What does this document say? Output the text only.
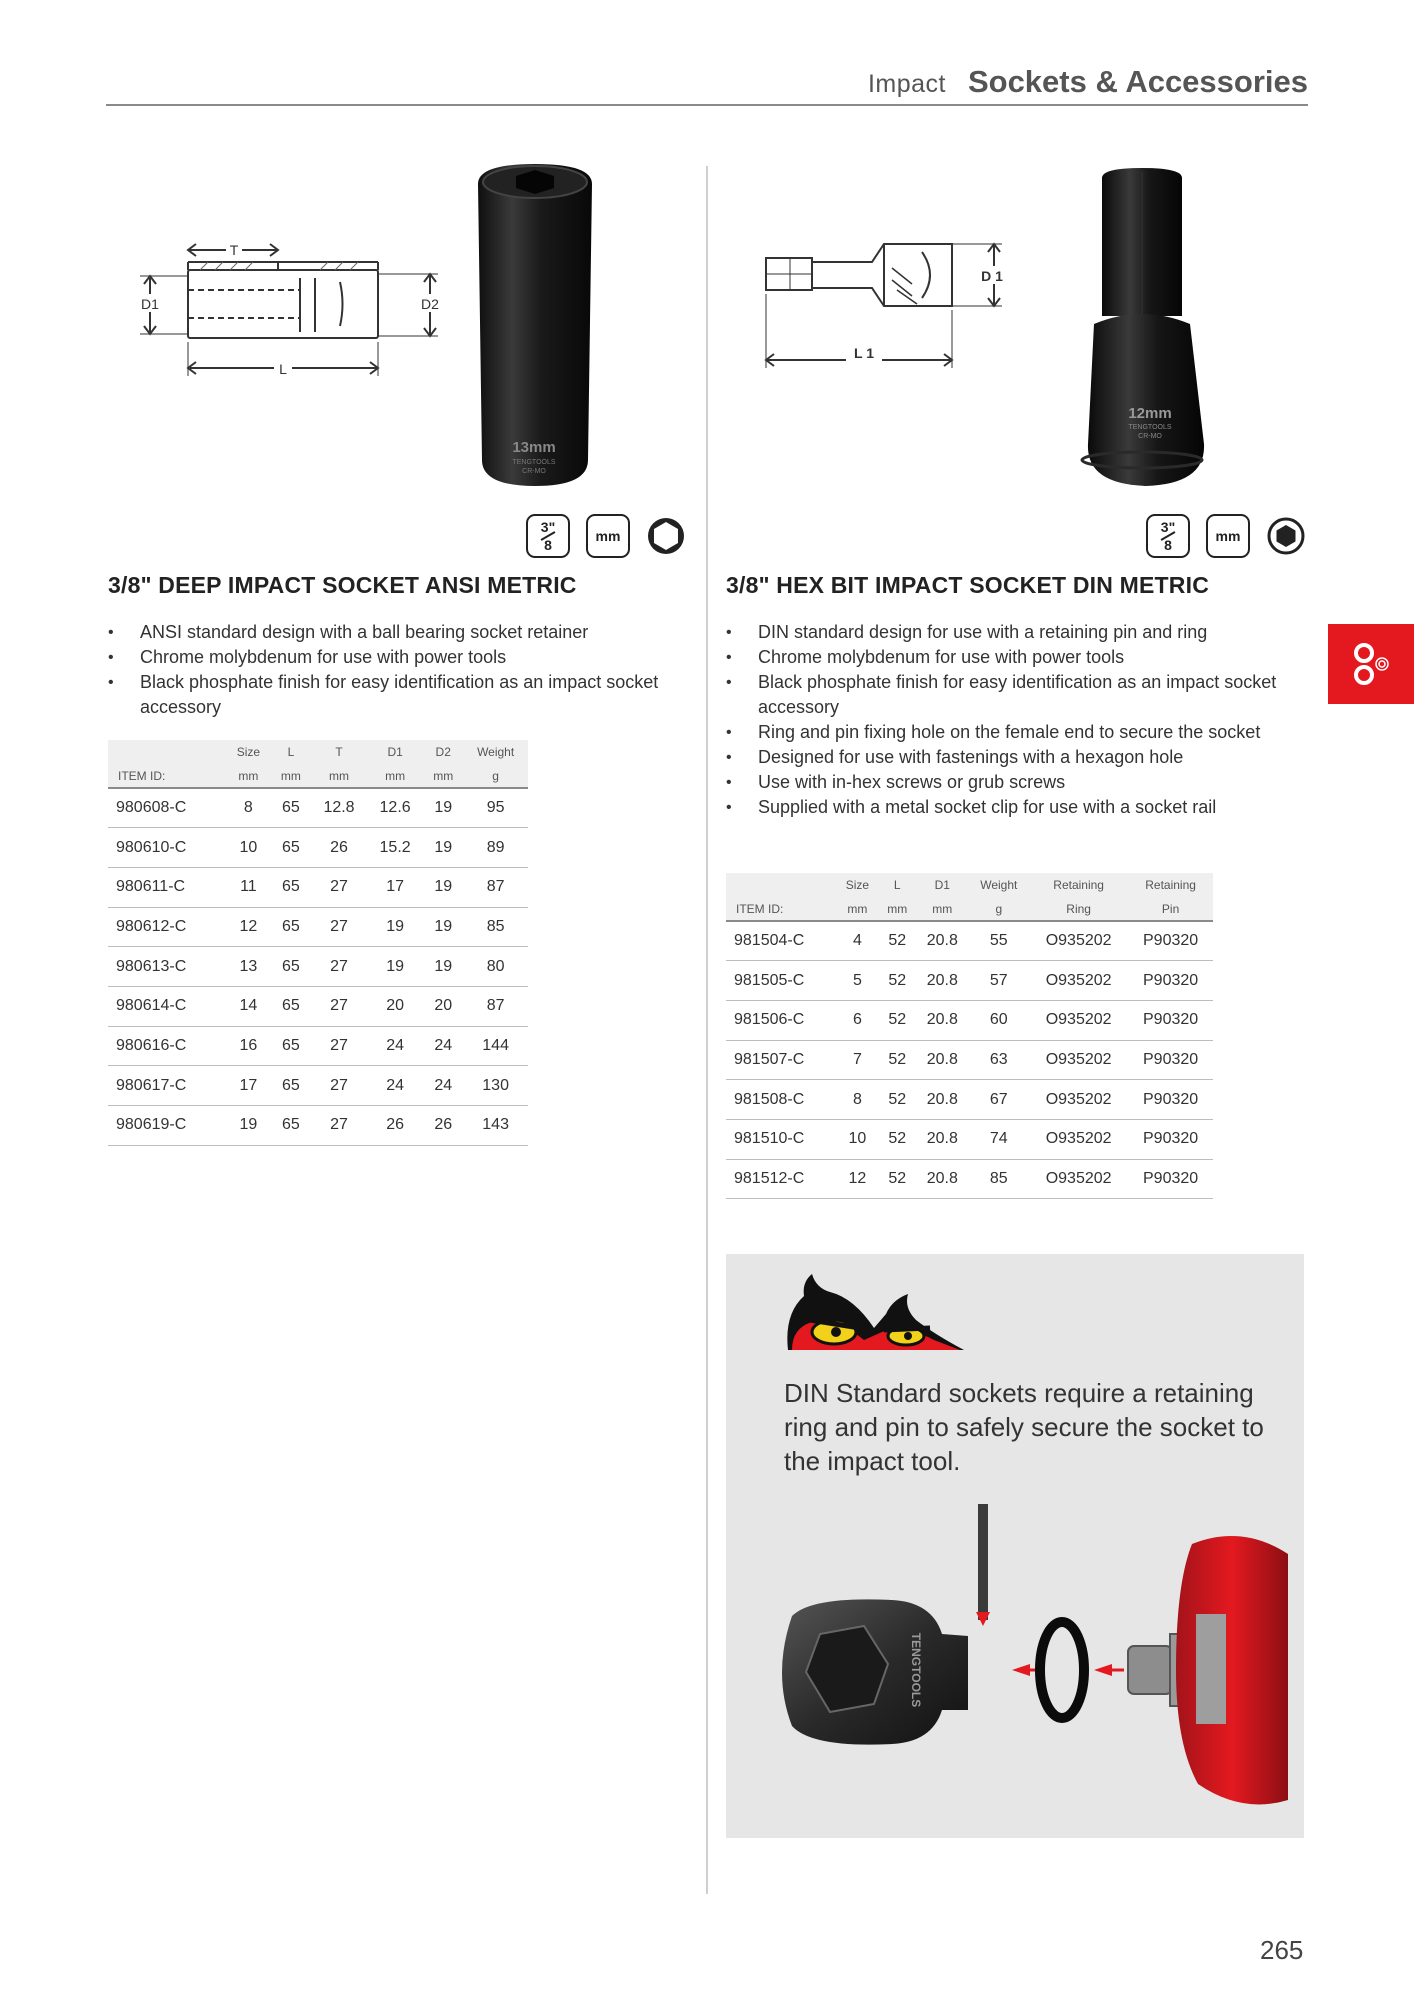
Impact Sockets & Accessories
T
D1	D2
L
13mm
TENGTOOLS
CR-MO
3"
8
mm
3/8" DEEP IMPACT SOCKET ANSI METRIC
• ANSI standard design with a ball bearing socket retainer
• Chrome molybdenum for use with power tools
• Black phosphate finish for easy identification as an impact socket accessory
	Size	L	T	D1	D2	Weight
ITEM ID:	mm	mm	mm	mm	mm	g
980608-C	8	65	12.8	12.6	19	95
980610-C	10	65	26	15.2	19	89
980611-C	11	65	27	17	19	87
980612-C	12	65	27	19	19	85
980613-C	13	65	27	19	19	80
980614-C	14	65	27	20	20	87
980616-C	16	65	27	24	24	144
980617-C	17	65	27	24	24	130
980619-C	19	65	27	26	26	143
D 1
L 1
12mm
TENGTOOLS
CR-MO
3"
8
mm
3/8" HEX BIT IMPACT SOCKET DIN METRIC
• DIN standard design for use with a retaining pin and ring
• Chrome molybdenum for use with power tools
• Black phosphate finish for easy identification as an impact socket accessory
• Ring and pin fixing hole on the female end to secure the socket
• Designed for use with fastenings with a hexagon hole
• Use with in-hex screws or grub screws
• Supplied with a metal socket clip for use with a socket rail
	Size	L	D1	Weight	Retaining	Retaining
ITEM ID:	mm	mm	mm	g	Ring	Pin
981504-C	4	52	20.8	55	O935202	P90320
981505-C	5	52	20.8	57	O935202	P90320
981506-C	6	52	20.8	60	O935202	P90320
981507-C	7	52	20.8	63	O935202	P90320
981508-C	8	52	20.8	67	O935202	P90320
981510-C	10	52	20.8	74	O935202	P90320
981512-C	12	52	20.8	85	O935202	P90320

DIN Standard sockets require a retaining ring and pin to safely secure the socket to the impact tool.

TENGTOOLS
265
